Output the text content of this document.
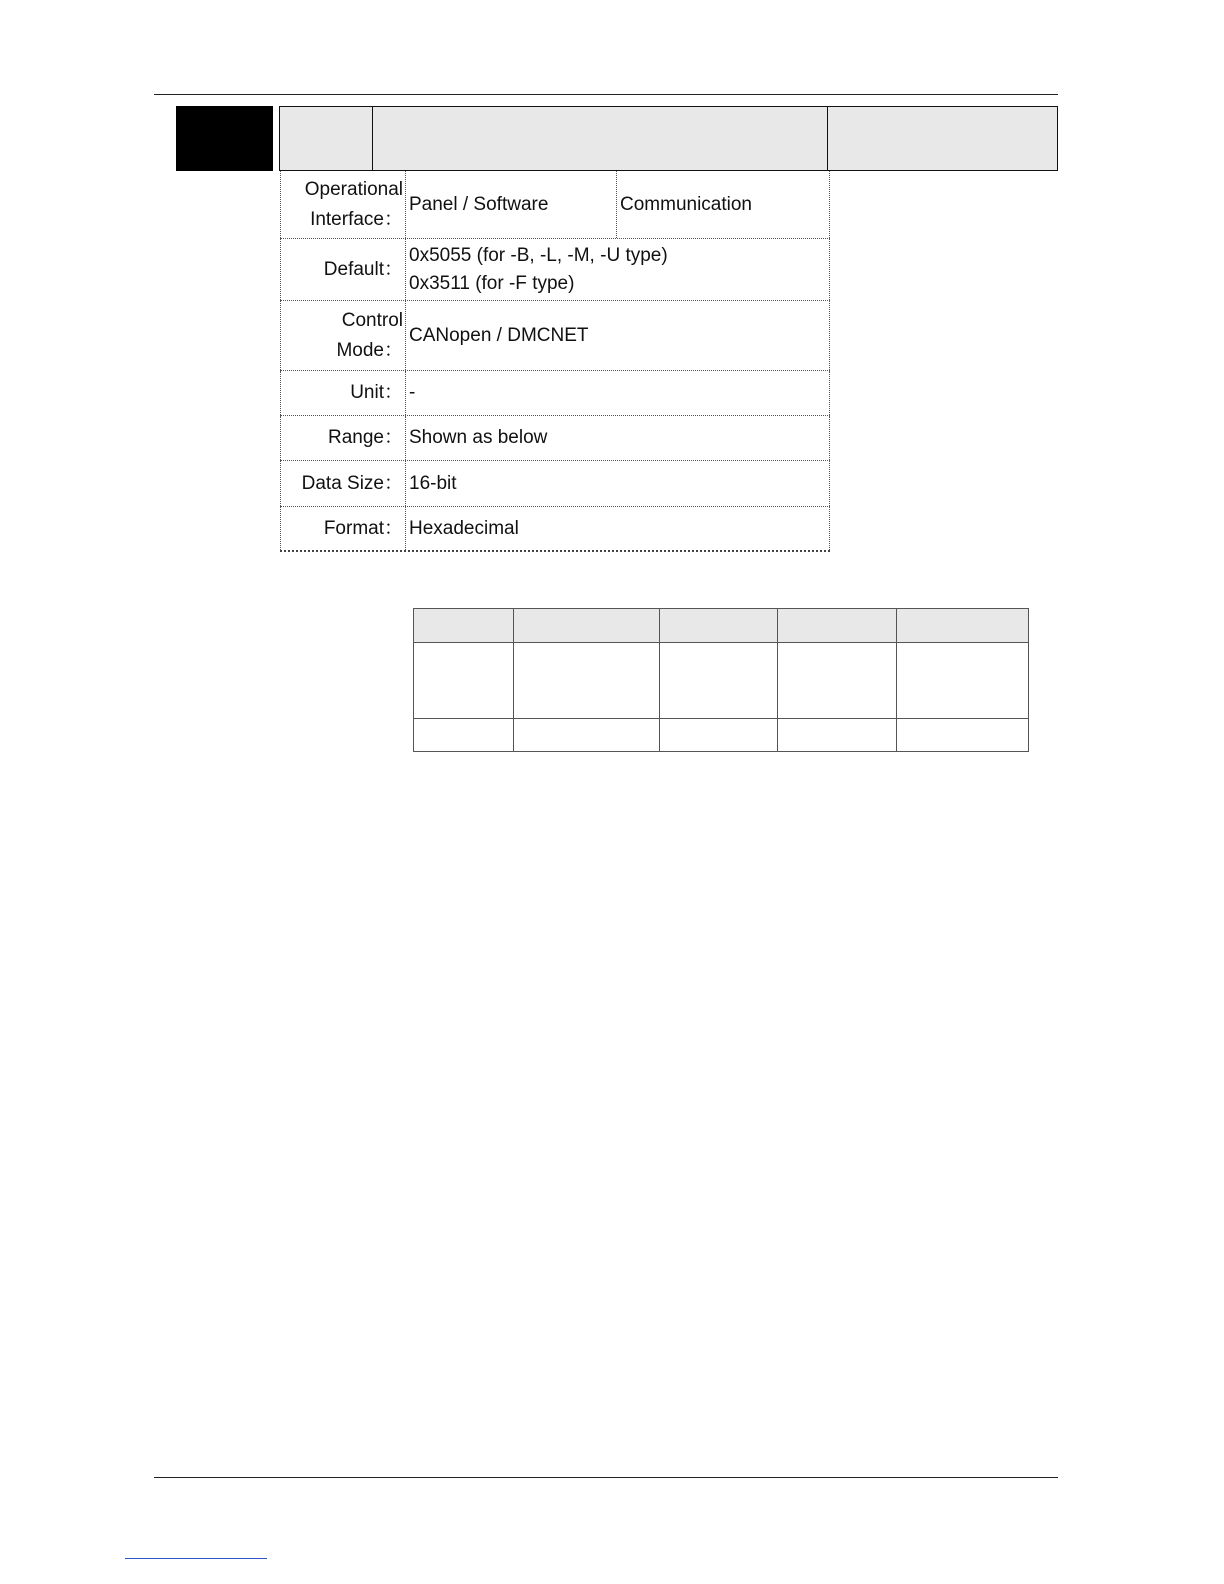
Operational
Interface：
Panel / Software	Communication
Default：
0x5055 (for -B, -L, -M, -U type)
0x3511 (for -F type)
Control
Mode：
CANopen / DMCNET
Unit： -
Range： Shown as below
Data Size： 16-bit
Format： Hexadecimal
